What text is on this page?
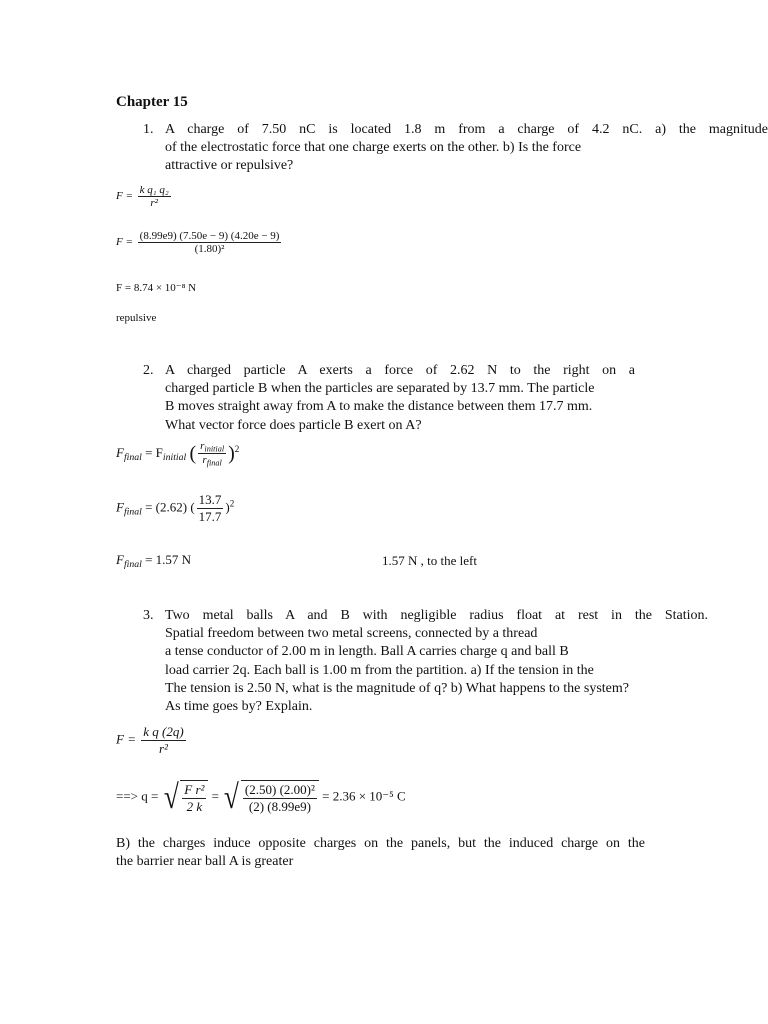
Chapter 15
1. A charge of 7.50 nC is located 1.8 m from a charge of 4.2 nC. a) the magnitude
of the electrostatic force that one charge exerts on the other. b) Is the force
attractive or repulsive?
$F = \frac{\text{k q₁ q₂}}{\text{r²}}$
$F = \frac{(8.99e9) (7.50e - 9) (4.20e - 9)}{\text{(1.80)²}}$
F = 8.74 × 10⁻⁸ N
repulsive
2. A charged particle A exerts a force of 2.62 N to the right on a
charged particle B when the particles are separated by 13.7 mm. The particle
B moves straight away from A to make the distance between them 17.7 mm.
What vector force does particle B exert on A?
$F_{final} = F_{initial}$ ( $\frac{r_{initial}}{r_{final}} )^2$
$F_{final} = (2.62)$ ( $\frac{13.7}{17.7} )^2$
$F_{final} = 1.57$ N	1.57 N , to the left
3. Two metal balls A and B with negligible radius float at rest in the Station.
Spatial freedom between two metal screens, connected by a thread
a tense conductor of 2.00 m in length. Ball A carries charge q and ball B
load carrier 2q. Each ball is 1.00 m from the partition. a) If the tension in the
The tension is 2.50 N, what is the magnitude of q? b) What happens to the system?
As time goes by? Explain.
$F = \frac{\text{k q (2q)}}{\text{r²}}$
==> q = √ $\frac{\text{F r²}}{2 k}$ = √ $\frac{\text{(2.50) (2.00)²}}{(2) (8.99e9)} = 2.36 \times 10^{-5}$ C
B) the charges induce opposite charges on the panels, but the induced charge on the
the barrier near ball A is greater
